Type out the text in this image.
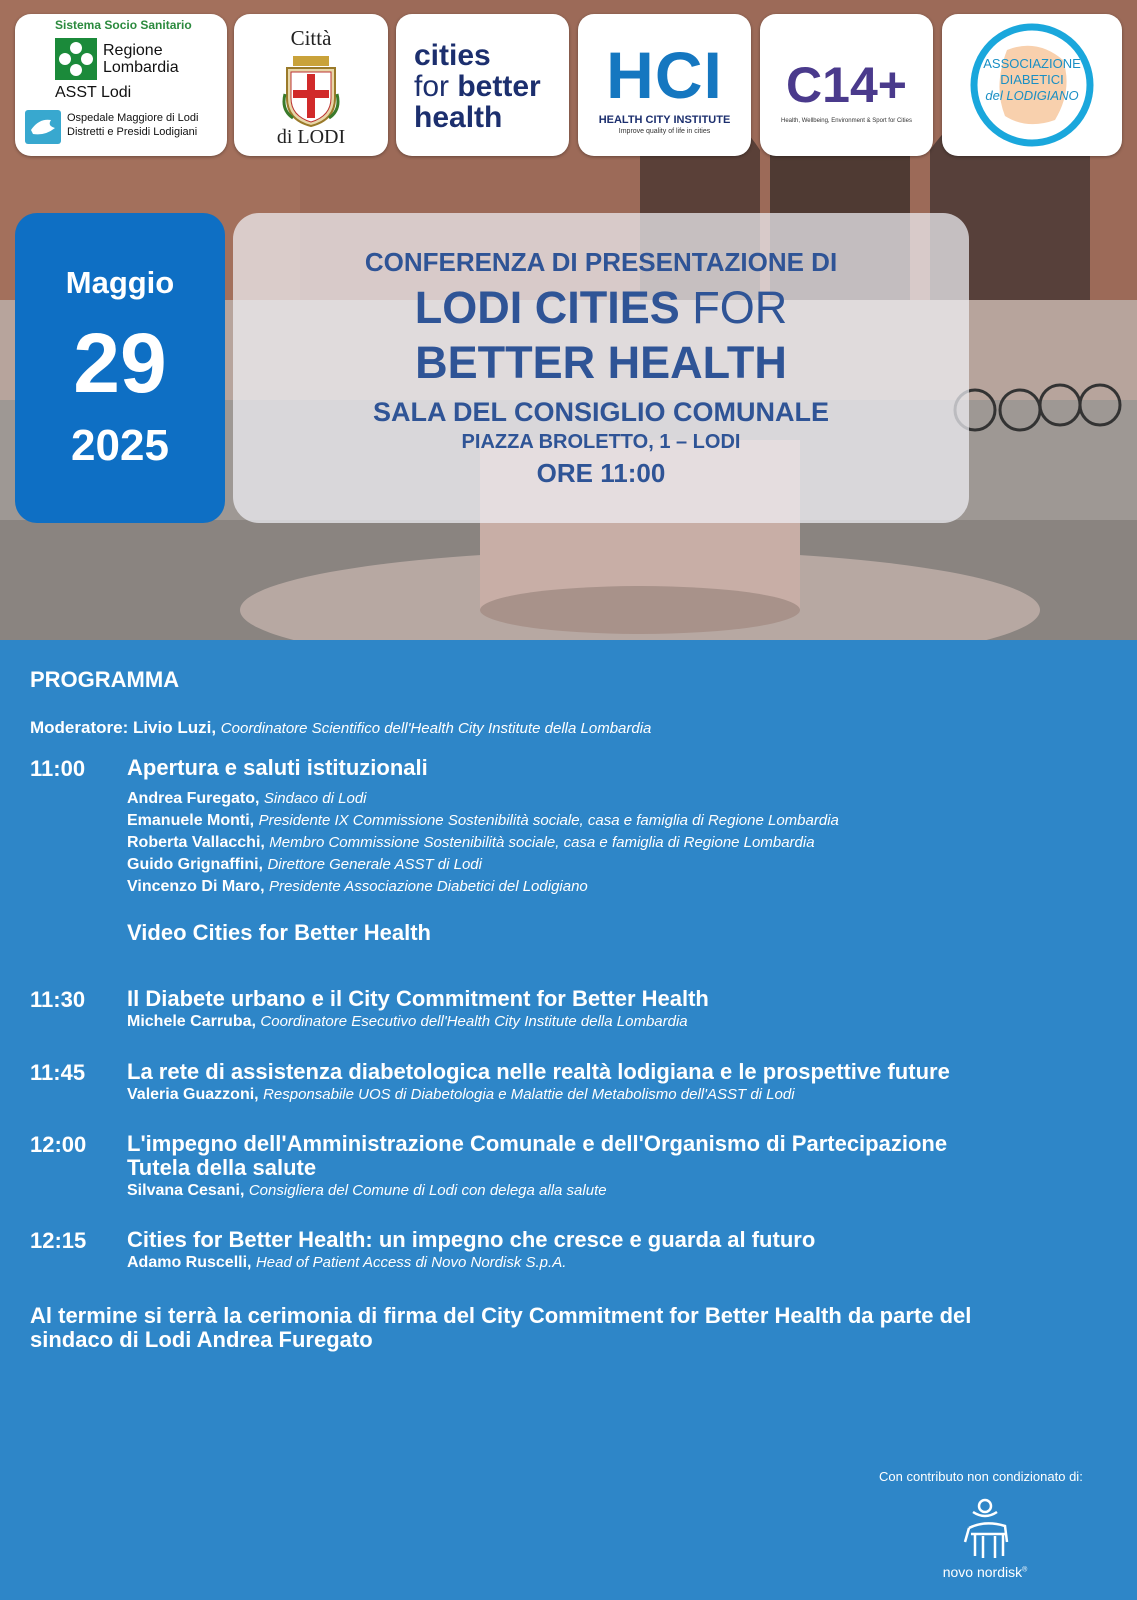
Sistema Socio Sanitario
Regione
Lombardia
ASST Lodi
Ospedale Maggiore di Lodi
Distretti e Presidi Lodigiani
Città
di LODI
cities
for better
health
HCI
HEALTH CITY INSTITUTE
Improve quality of life in cities
C14+
Health, Wellbeing, Environment & Sport for Cities
ASSOCIAZIONE
DIABETICI
del LODIGIANO
Maggio
29
2025
CONFERENZA DI PRESENTAZIONE DI
LODI CITIES FOR
BETTER HEALTH
SALA DEL CONSIGLIO COMUNALE
PIAZZA BROLETTO, 1 – LODI
ORE 11:00
PROGRAMMA
Moderatore: Livio Luzi, Coordinatore Scientifico dell'Health City Institute della Lombardia
11:00 Apertura e saluti istituzionali
Andrea Furegato, Sindaco di Lodi
Emanuele Monti, Presidente IX Commissione Sostenibilità sociale, casa e famiglia di Regione Lombardia
Roberta Vallacchi, Membro Commissione Sostenibilità sociale, casa e famiglia di Regione Lombardia
Guido Grignaffini, Direttore Generale ASST di Lodi
Vincenzo Di Maro, Presidente Associazione Diabetici del Lodigiano
Video Cities for Better Health
11:30 Il Diabete urbano e il City Commitment for Better Health
Michele Carruba, Coordinatore Esecutivo dell'Health City Institute della Lombardia
11:45 La rete di assistenza diabetologica nelle realtà lodigiana e le prospettive future
Valeria Guazzoni, Responsabile UOS di Diabetologia e Malattie del Metabolismo dell'ASST di Lodi
12:00 L'impegno dell'Amministrazione Comunale e dell'Organismo di Partecipazione
Tutela della salute
Silvana Cesani, Consigliera del Comune di Lodi con delega alla salute
12:15 Cities for Better Health: un impegno che cresce e guarda al futuro
Adamo Ruscelli, Head of Patient Access di Novo Nordisk S.p.A.
Al termine si terrà la cerimonia di firma del City Commitment for Better Health da parte del
sindaco di Lodi Andrea Furegato
Con contributo non condizionato di:
novo nordisk®
